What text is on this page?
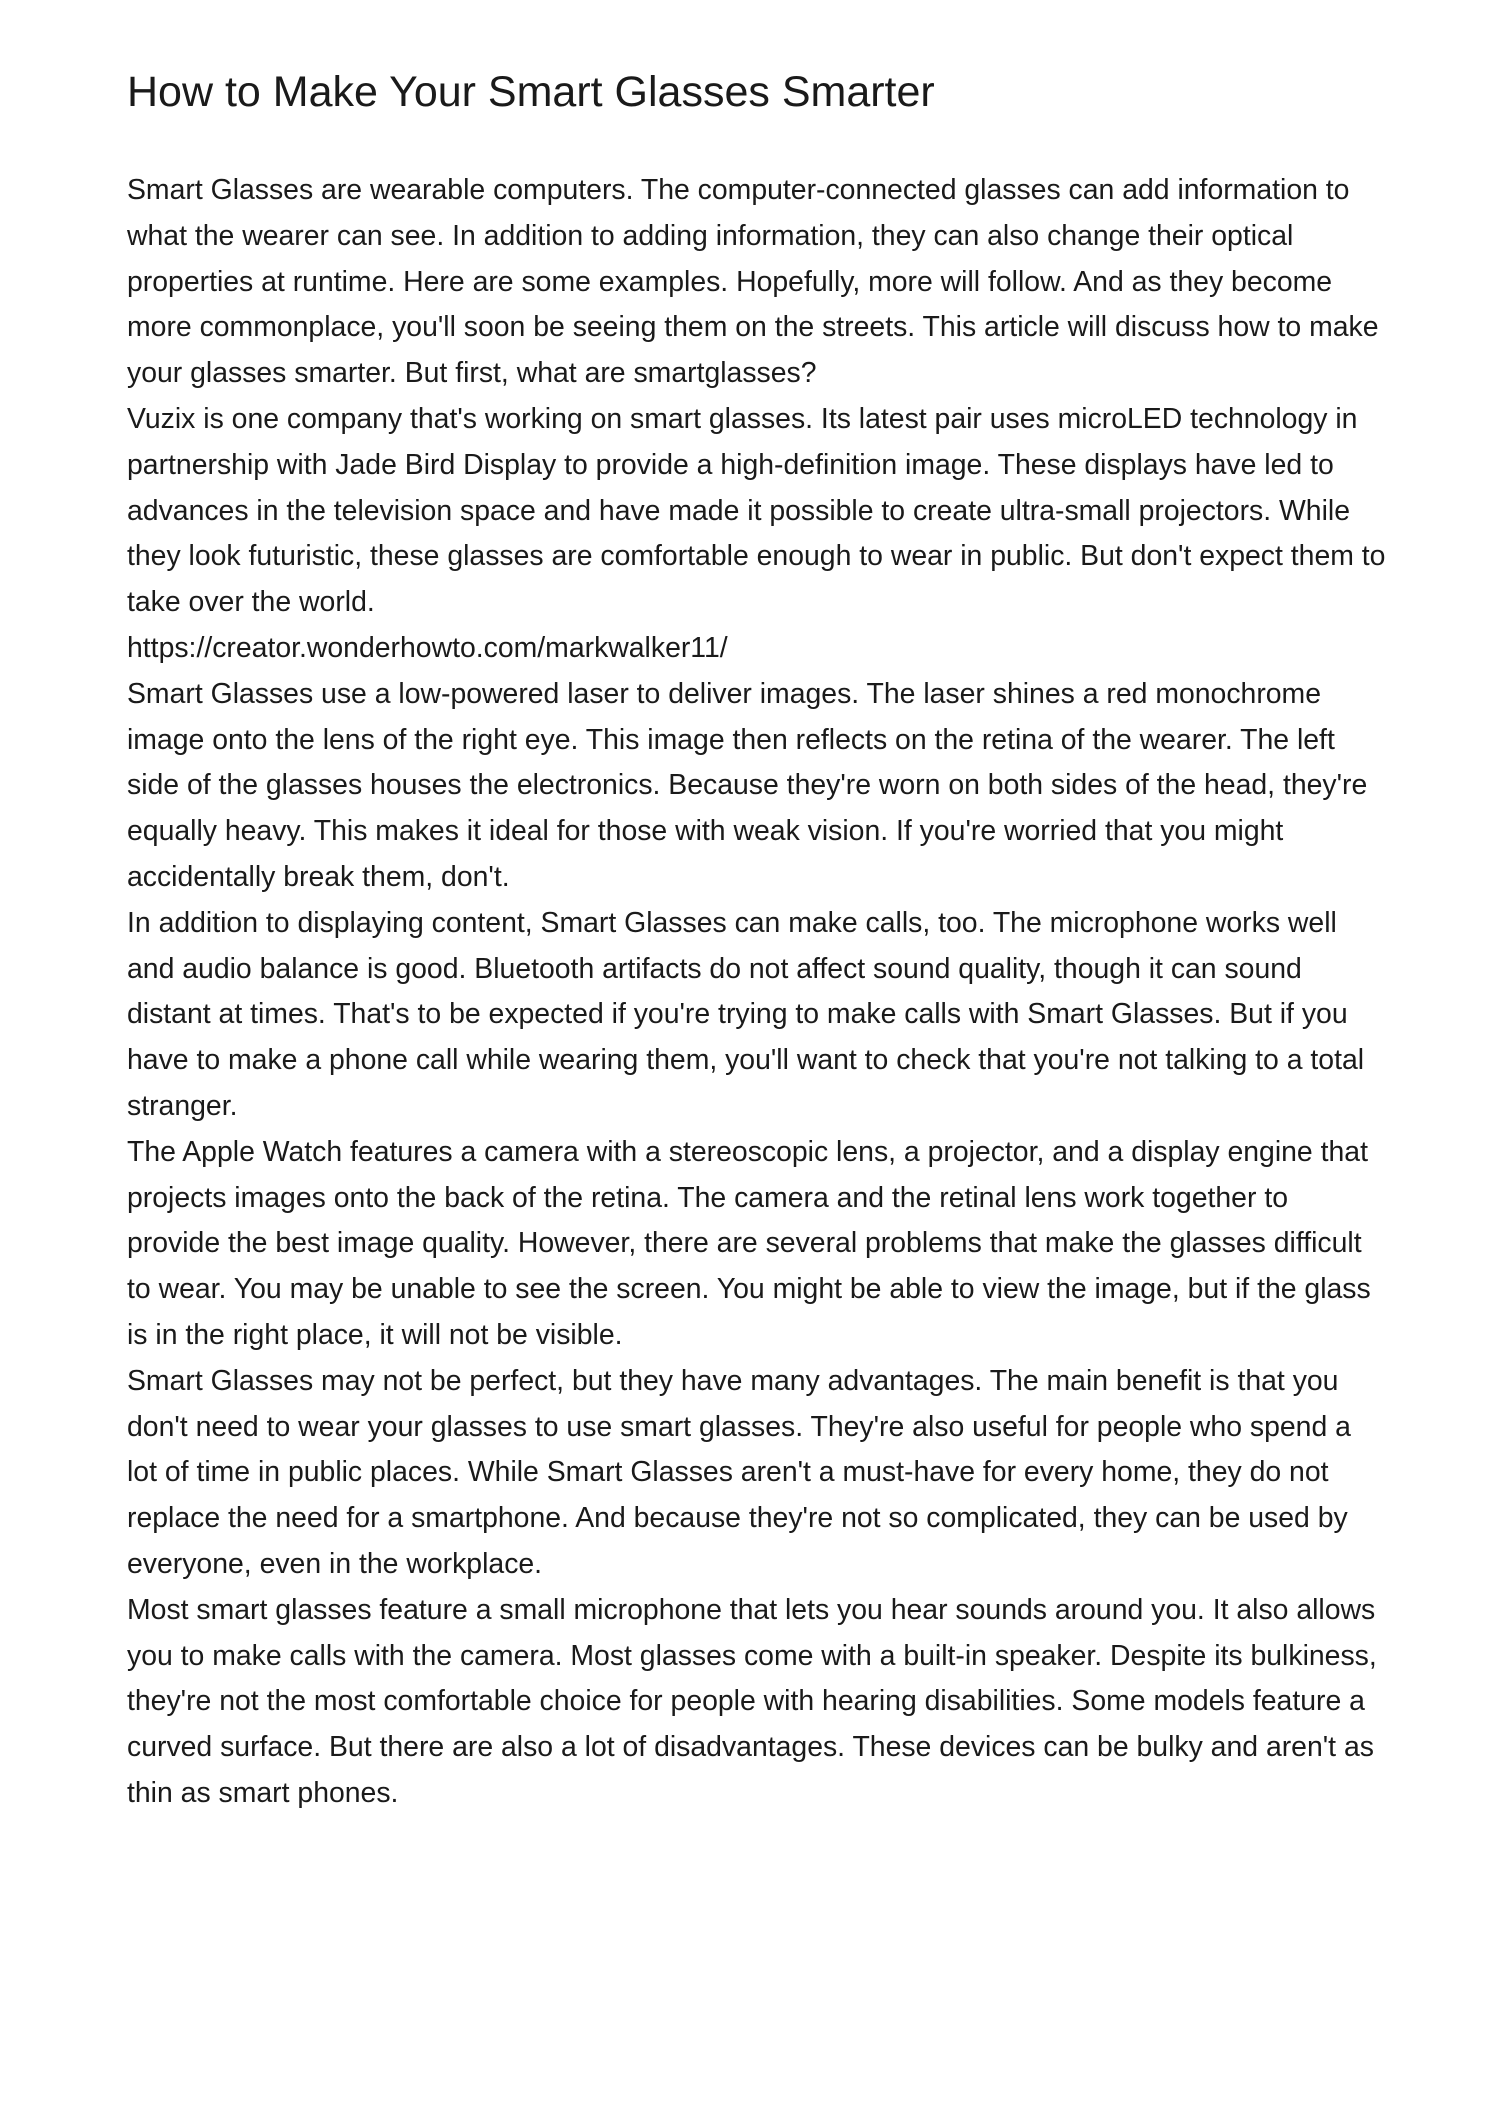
How to Make Your Smart Glasses Smarter

Smart Glasses are wearable computers. The computer-connected glasses can add information to what the wearer can see. In addition to adding information, they can also change their optical properties at runtime. Here are some examples. Hopefully, more will follow. And as they become more commonplace, you'll soon be seeing them on the streets. This article will discuss how to make your glasses smarter. But first, what are smartglasses?

Vuzix is one company that's working on smart glasses. Its latest pair uses microLED technology in partnership with Jade Bird Display to provide a high-definition image. These displays have led to advances in the television space and have made it possible to create ultra-small projectors. While they look futuristic, these glasses are comfortable enough to wear in public. But don't expect them to take over the world.

https://creator.wonderhowto.com/markwalker11/

Smart Glasses use a low-powered laser to deliver images. The laser shines a red monochrome image onto the lens of the right eye. This image then reflects on the retina of the wearer. The left side of the glasses houses the electronics. Because they're worn on both sides of the head, they're equally heavy. This makes it ideal for those with weak vision. If you're worried that you might accidentally break them, don't.

In addition to displaying content, Smart Glasses can make calls, too. The microphone works well and audio balance is good. Bluetooth artifacts do not affect sound quality, though it can sound distant at times. That's to be expected if you're trying to make calls with Smart Glasses. But if you have to make a phone call while wearing them, you'll want to check that you're not talking to a total stranger.

The Apple Watch features a camera with a stereoscopic lens, a projector, and a display engine that projects images onto the back of the retina. The camera and the retinal lens work together to provide the best image quality. However, there are several problems that make the glasses difficult to wear. You may be unable to see the screen. You might be able to view the image, but if the glass is in the right place, it will not be visible.

Smart Glasses may not be perfect, but they have many advantages. The main benefit is that you don't need to wear your glasses to use smart glasses. They're also useful for people who spend a lot of time in public places. While Smart Glasses aren't a must-have for every home, they do not replace the need for a smartphone. And because they're not so complicated, they can be used by everyone, even in the workplace.

Most smart glasses feature a small microphone that lets you hear sounds around you. It also allows you to make calls with the camera. Most glasses come with a built-in speaker. Despite its bulkiness, they're not the most comfortable choice for people with hearing disabilities. Some models feature a curved surface. But there are also a lot of disadvantages. These devices can be bulky and aren't as thin as smart phones.
